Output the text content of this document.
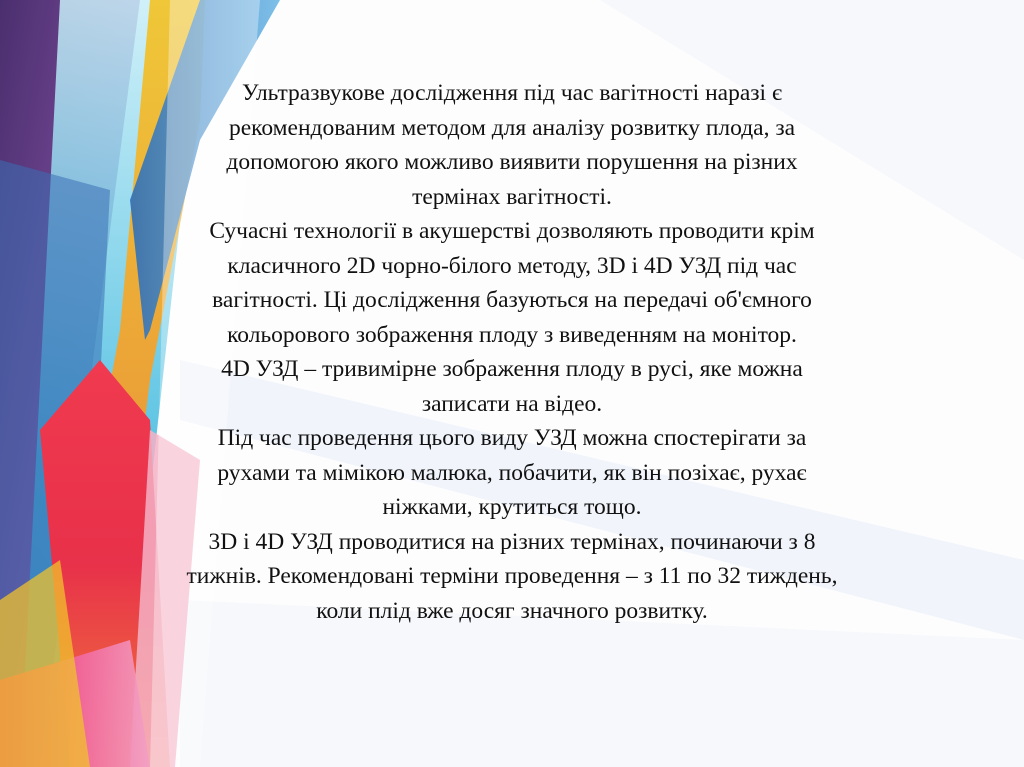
Ультразвукове дослідження під час вагітності наразі є
рекомендованим методом для аналізу розвитку плода, за
допомогою якого можливо виявити порушення на різних
термінах вагітності.
Сучасні технології в акушерстві дозволяють проводити крім
класичного 2D чорно-білого методу, 3D і 4D УЗД під час
вагітності. Ці дослідження базуються на передачі об'ємного
кольорового зображення плоду з виведенням на монітор.
4D УЗД – тривимірне зображення плоду в русі, яке можна
записати на відео.
Під час проведення цього виду УЗД можна спостерігати за
рухами та мімікою малюка, побачити, як він позіхає, рухає
ніжками, крутиться тощо.
3D і 4D УЗД проводитися на різних термінах, починаючи з 8
тижнів. Рекомендовані терміни проведення – з 11 по 32 тиждень,
коли плід вже досяг значного розвитку.
